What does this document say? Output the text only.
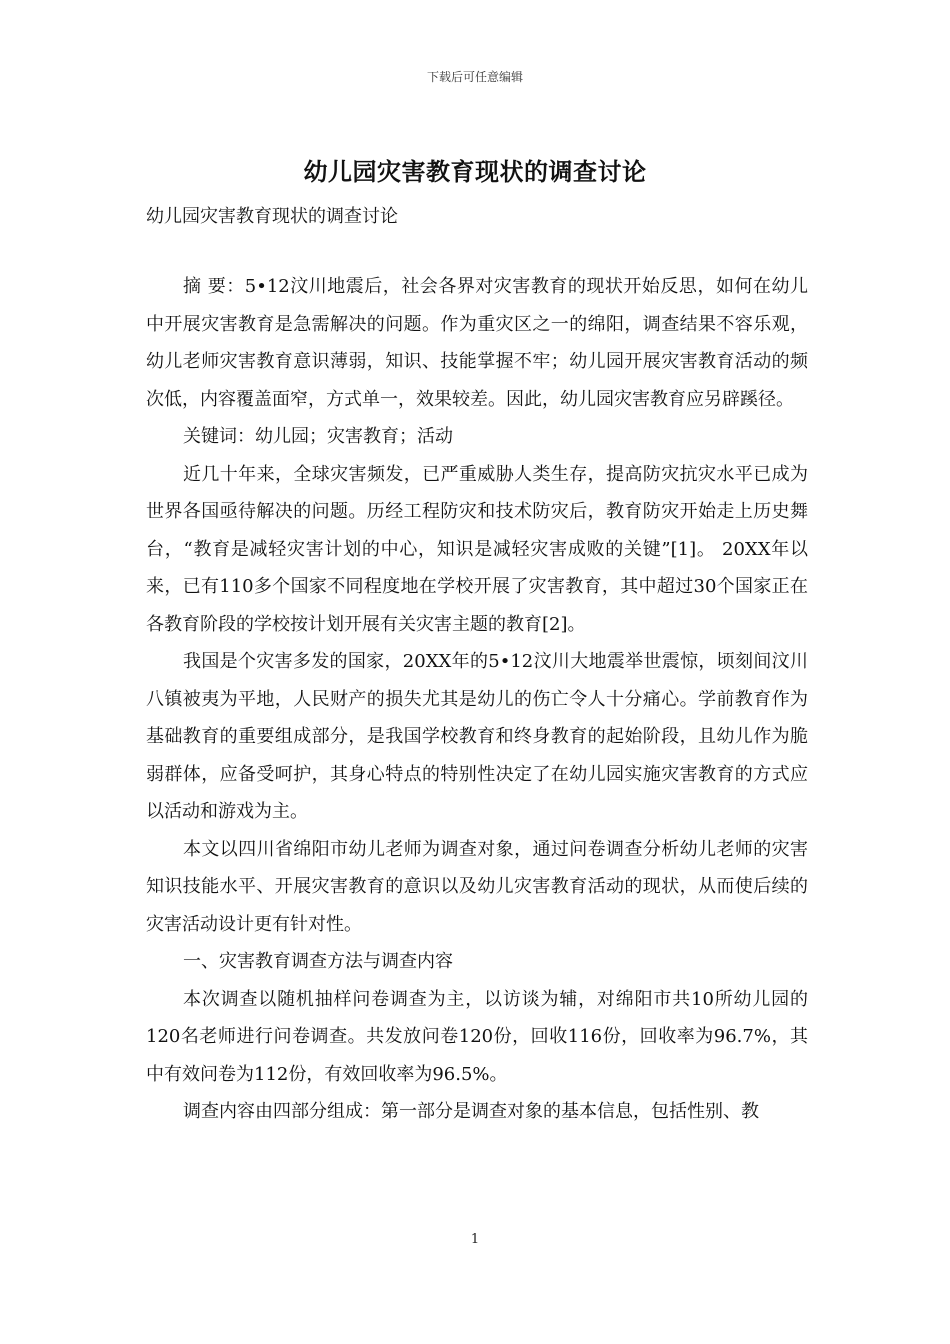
下载后可任意编辑
幼儿园灾害教育现状的调查讨论

幼儿园灾害教育现状的调查讨论

摘 要：5•12汶川地震后，社会各界对灾害教育的现状开始反思，如何在幼儿中开展灾害教育是急需解决的问题。作为重灾区之一的绵阳，调查结果不容乐观，幼儿老师灾害教育意识薄弱，知识、技能掌握不牢；幼儿园开展灾害教育活动的频次低，内容覆盖面窄，方式单一，效果较差。因此，幼儿园灾害教育应另辟蹊径。

关键词：幼儿园；灾害教育；活动

近几十年来，全球灾害频发，已严重威胁人类生存，提高防灾抗灾水平已成为世界各国亟待解决的问题。历经工程防灾和技术防灾后，教育防灾开始走上历史舞台，“教育是减轻灾害计划的中心，知识是减轻灾害成败的关键”[1]。 20XX年以来，已有110多个国家不同程度地在学校开展了灾害教育，其中超过30个国家正在各教育阶段的学校按计划开展有关灾害主题的教育[2]。

我国是个灾害多发的国家，20XX年的5•12汶川大地震举世震惊，顷刻间汶川八镇被夷为平地，人民财产的损失尤其是幼儿的伤亡令人十分痛心。学前教育作为基础教育的重要组成部分，是我国学校教育和终身教育的起始阶段，且幼儿作为脆弱群体，应备受呵护，其身心特点的特别性决定了在幼儿园实施灾害教育的方式应以活动和游戏为主。

本文以四川省绵阳市幼儿老师为调查对象，通过问卷调查分析幼儿老师的灾害知识技能水平、开展灾害教育的意识以及幼儿灾害教育活动的现状，从而使后续的灾害活动设计更有针对性。

一、灾害教育调查方法与调查内容

本次调查以随机抽样问卷调查为主，以访谈为辅，对绵阳市共10所幼儿园的120名老师进行问卷调查。共发放问卷120份，回收116份，回收率为96.7%，其中有效问卷为112份，有效回收率为96.5%。

调查内容由四部分组成：第一部分是调查对象的基本信息，包括性别、教

1
